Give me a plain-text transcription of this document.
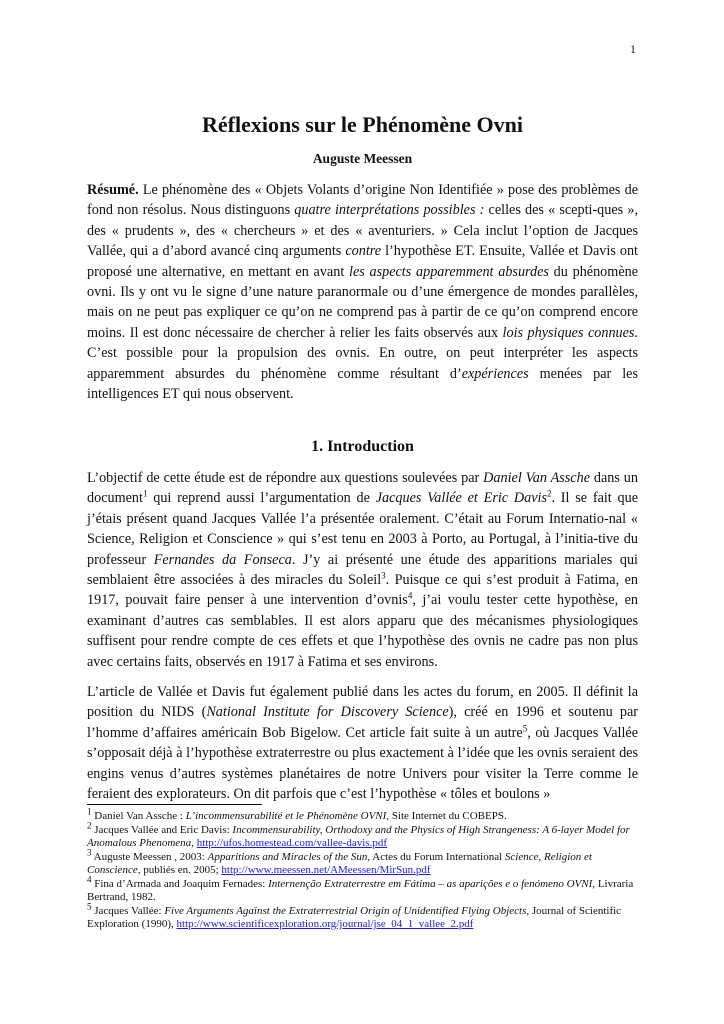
1
Réflexions sur le Phénomène Ovni
Auguste Meessen

Résumé. Le phénomène des « Objets Volants d’origine Non Identifiée » pose des problèmes de fond non résolus. Nous distinguons quatre interprétations possibles : celles des « scepti-ques », des « prudents », des « chercheurs » et des « aventuriers. » Cela inclut l’option de Jacques Vallée, qui a d’abord avancé cinq arguments contre l’hypothèse ET. Ensuite, Vallée et Davis ont proposé une alternative, en mettant en avant les aspects apparemment absurdes du phénomène ovni. Ils y ont vu le signe d’une nature paranormale ou d’une émergence de mondes parallèles, mais on ne peut pas expliquer ce qu’on ne comprend pas à partir de ce qu’on comprend encore moins. Il est donc nécessaire de chercher à relier les faits observés aux lois physiques connues. C’est possible pour la propulsion des ovnis. En outre, on peut interpréter les aspects apparemment absurdes du phénomène comme résultant d’expériences menées par les intelligences ET qui nous observent.

1. Introduction

L’objectif de cette étude est de répondre aux questions soulevées par Daniel Van Assche dans un document$^1$ qui reprend aussi l’argumentation de Jacques Vallée et Eric Davis$^2$. Il se fait que j’étais présent quand Jacques Vallée l’a présentée oralement. C’était au Forum Internatio-nal « Science, Religion et Conscience » qui s’est tenu en 2003 à Porto, au Portugal, à l’initia-tive du professeur Fernandes da Fonseca. J’y ai présenté une étude des apparitions mariales qui semblaient être associées à des miracles du Soleil$^3$. Puisque ce qui s’est produit à Fatima, en 1917, pouvait faire penser à une intervention d’ovnis$^4$, j’ai voulu tester cette hypothèse, en examinant d’autres cas semblables. Il est alors apparu que des mécanismes physiologiques suffisent pour rendre compte de ces effets et que l’hypothèse des ovnis ne cadre pas non plus avec certains faits, observés en 1917 à Fatima et ses environs.

L’article de Vallée et Davis fut également publié dans les actes du forum, en 2005. Il définit la position du NIDS (National Institute for Discovery Science), créé en 1996 et soutenu par l’homme d’affaires américain Bob Bigelow. Cet article fait suite à un autre$^5$, où Jacques Vallée s’opposait déjà à l’hypothèse extraterrestre ou plus exactement à l’idée que les ovnis seraient des engins venus d’autres systèmes planétaires de notre Univers pour visiter la Terre comme le feraient des explorateurs. On dit parfois que c’est l’hypothèse « tôles et boulons »

$^1$ Daniel Van Assche : L’incommensurabilité et le Phénomène OVNI, Site Internet du COBEPS.
$^2$ Jacques Vallée and Eric Davis: Incommensurability, Orthodoxy and the Physics of High Strangeness: A 6-layer Model for Anomalous Phenomena, http://ufos.homestead.com/vallee-davis.pdf
$^3$ Auguste Meessen , 2003: Apparitions and Miracles of the Sun, Actes du Forum International Science, Religion et Conscience, publiés en. 2005; http://www.meessen.net/AMeessen/MirSun.pdf
$^4$ Fina d’Armada and Joaquim Fernades: Internenção Extraterrestre em Fátima – as aparições e o fenómeno OVNI, Livraria Bertrand, 1982.
$^5$ Jacques Vallée: Five Arguments Against the Extraterrestrial Origin of Unidentified Flying Objects, Journal of Scientific Exploration (1990), http://www.scientificexploration.org/journal/jse_04_1_vallee_2.pdf
